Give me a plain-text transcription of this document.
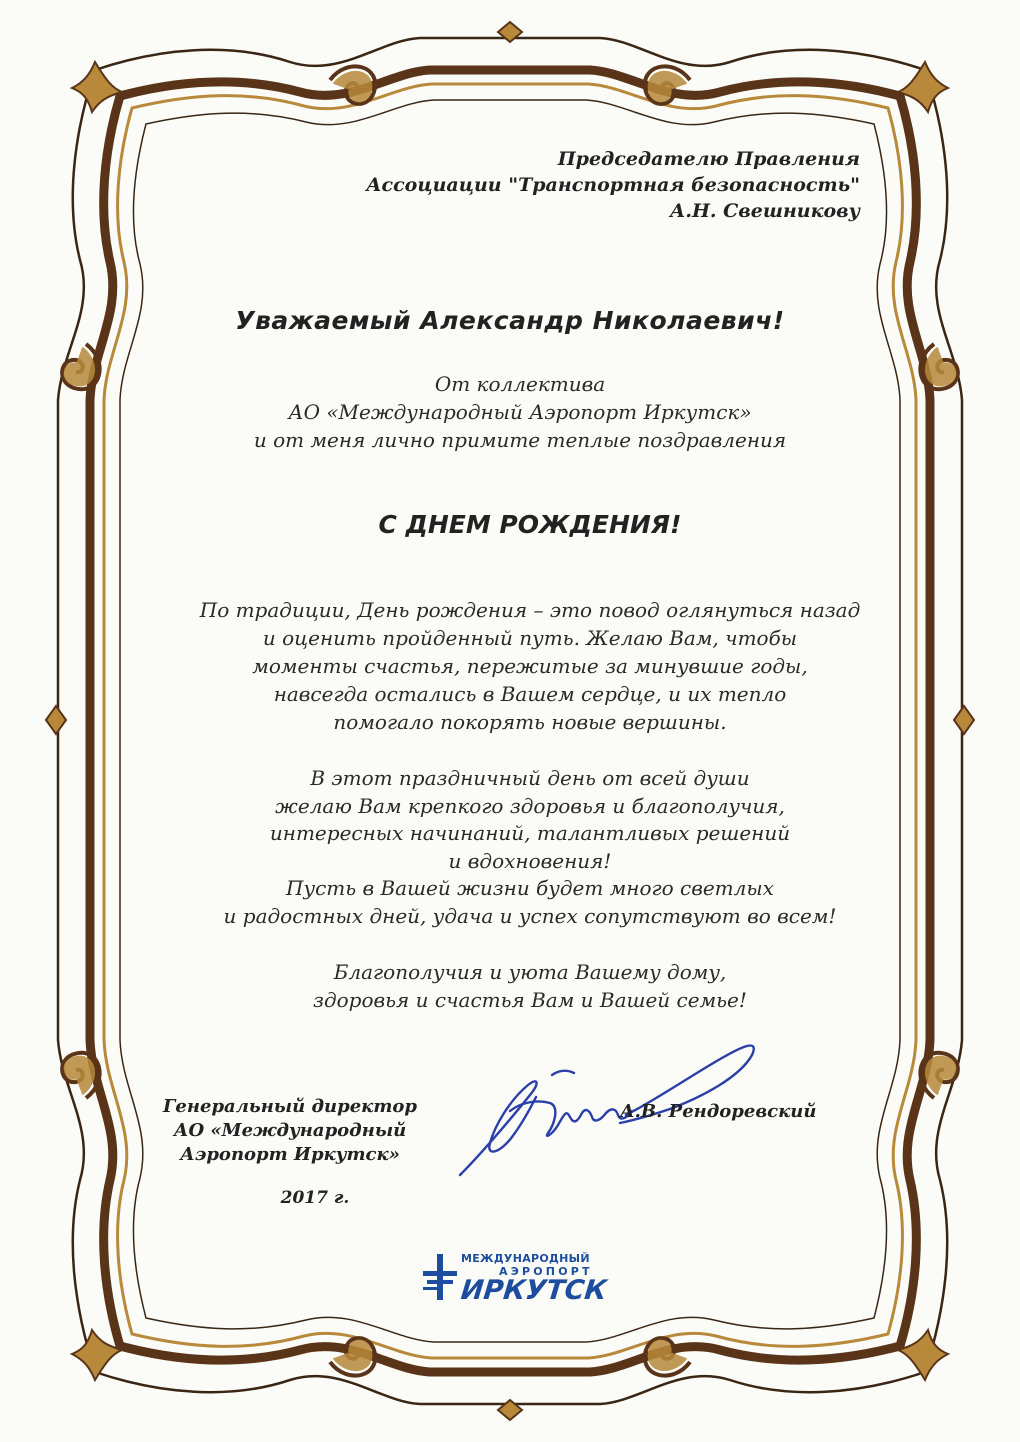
Председателю Правления
Ассоциации "Транспортная безопасность"
А.Н. Свешникову
Уважаемый Александр Николаевич!
От коллектива
АО «Международный Аэропорт Иркутск»
и от меня лично примите теплые поздравления
С ДНЕМ РОЖДЕНИЯ!
По традиции, День рождения – это повод оглянуться назад
и оценить пройденный путь. Желаю Вам, чтобы
моменты счастья, пережитые за минувшие годы,
навсегда остались в Вашем сердце, и их тепло
помогало покорять новые вершины.
В этот праздничный день от всей души
желаю Вам крепкого здоровья и благополучия,
интересных начинаний, талантливых решений
и вдохновения!
Пусть в Вашей жизни будет много светлых
и радостных дней, удача и успех сопутствуют во всем!
Благополучия и уюта Вашему дому,
здоровья и счастья Вам и Вашей семье!
Генеральный директор
АО «Международный
Аэропорт Иркутск»
А.В. Рендоревский
2017 г.
МЕЖДУНАРОДНЫЙ
АЭРОПОРТ
ИРКУТСК
